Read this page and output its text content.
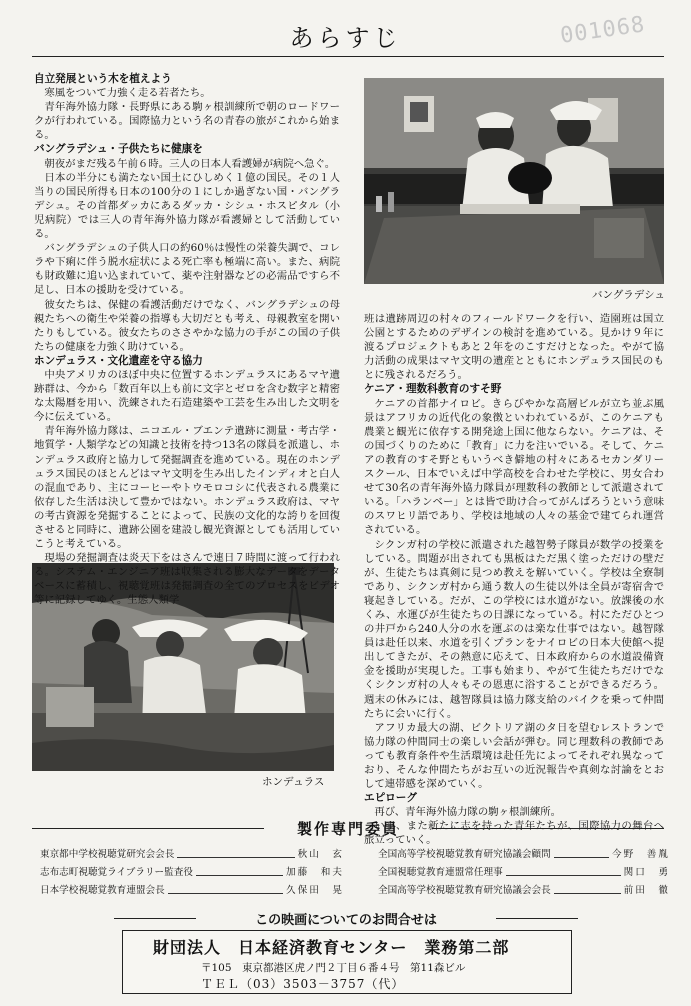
あらすじ	001068
バングラデシュ
ホンデュラス
自立発展という木を植えよう

寒風をついて力強く走る若者たち。

青年海外協力隊・長野県にある駒ヶ根訓練所で朝のロードワークが行われている。国際協力という名の青春の旅がこれから始まる。

バングラデシュ・子供たちに健康を

朝夜がまだ残る午前６時。三人の日本人看護婦が病院へ急ぐ。

日本の半分にも満たない国土にひしめく１億の国民。その１人当りの国民所得も日本の100分の１にしか過ぎない国・バングラデシュ。その首都ダッカにあるダッカ・シシュ・ホスピタル（小児病院）では三人の青年海外協力隊が看護婦として活動している。

バングラデシュの子供人口の約60％は慢性の栄養失調で、コレラや下痢に伴う脱水症状による死亡率も極端に高い。また、病院も財政難に追い込まれていて、薬や注射器などの必需品ですら不足し、日本の援助を受けている。

彼女たちは、保健の看護活動だけでなく、バングラデシュの母親たちへの衛生や栄養の指導も大切だとも考え、母親教室を開いたりもしている。彼女たちのささやかな協力の手がこの国の子供たちの健康を力強く助けている。

ホンデュラス・文化遺産を守る協力

中央アメリカのほぼ中央に位置するホンデュラスにあるマヤ遺跡群は、今から「数百年以上も前に文字とゼロを含む数字と精密な太陽暦を用い、洗練された石造建築や工芸を生み出した文明を今に伝えている。

青年海外協力隊は、ニコエル・ブエンテ遺跡に測量・考古学・地質学・人類学などの知識と技術を持つ13名の隊員を派遣し、ホンデュラス政府と協力して発掘調査を進めている。現在のホンデュラス国民のほとんどはマヤ文明を生み出したインディオと白人の混血であり、主にコーヒーやトウモロコシに代表される農業に依存した生活は決して豊かではない。ホンデュラス政府は、マヤの考古資源を発掘することによって、民族の文化的な誇りを回復させると同時に、遺跡公園を建設し観光資源としても活用していこうと考えている。

現場の発掘調査は炎天下をはさんで連日７時間に渡って行われる。システム・エンジニア班は収集される膨大なデータをデータベースに蓄積し、視聴覚班は発掘調査の全てのプロセスをビデオ等に記録してゆく。生態人類学

班は遺跡周辺の村々のフィールドワークを行い、造園班は国立公園とするためのデザインの検討を進めている。見かけ９年に渡るプロジェクトもあと２年をのこすだけとなった。やがて協力活動の成果はマヤ文明の遺産とともにホンデュラス国民のもとに残されるだろう。

ケニア・理数科教育のすそ野

ケニアの首都ナイロビ。きらびやかな高層ビルが立ち並ぶ風景はアフリカの近代化の象徴といわれているが、このケニアも農業と観光に依存する開発途上国に他ならない。ケニアは、その国づくりのために「教育」に力を注いでいる。そして、ケニアの教育のすそ野ともいうべき僻地の村々にあるセカンダリースクール、日本でいえば中学高校を合わせた学校に、男女合わせて30名の青年海外協力隊員が理数科の教師として派遣されている。「ハランベー」とは皆で助け合ってがんばろうという意味のスワヒリ語であり、学校は地域の人々の基金で建てられ運営されている。

シクンガ村の学校に派遣された越智勢子隊員が数学の授業をしている。問題が出されても黒板はただ黒く塗っただけの壁だが、生徒たちは真剣に見つめ教えを解いていく。学校は全寮制であり、シクンガ村から通う数人の生徒以外は全員が寄宿舎で寝起きしている。だが、この学校には水道がない。放課後の水くみ、水運びが生徒たちの日課になっている。村にただひとつの井戸から240人分の水を運ぶのは楽な仕事ではない。越智隊員は赴任以来、水道を引くプランをナイロビの日本大使館へ提出してきたが、その熱意に応えて、日本政府からの水道設備資金を援助が実現した。工事も始まり、やがて生徒たちだけでなくシクンガ村の人々もその恩恵に浴することができるだろう。週末の休みには、越智隊員は協力隊支給のバイクを乗って仲間たちに会いに行く。

アフリカ最大の湖、ビクトリア湖のタ日を望むレストランで協力隊の仲間同士の楽しい会話が弾む。同じ理数科の教師であっても教育条件や生活環境は赴任先によってそれぞれ異なっており、そんな仲間たちがお互いの近況報告や真剣な討論をとおして連帯感を深めていく。

エピローグ

再び、青年海外協力隊の駒ヶ根訓練所。

いま、また新たに志を持った青年たちが、国際協力の舞台へ旅立っていく。

製作専門委員
東京都中学校視聴覚研究会会長	秋山　玄
志布志町視聴覚ライブラリー監査役	加藤　和夫
日本学校視聴覚教育連盟会長	久保田　晃
全国高等学校視聴覚教育研究協議会顧問	今野　善胤
全国視聴覚教育連盟常任理事	関口　勇
全国高等学校視聴覚教育研究協議会会長	前田　徹
この映画についてのお問合せは
財団法人　日本経済教育センター　業務第二部
〒105　東京都港区虎ノ門２丁目６番４号　第11森ビル
ＴＥＬ（03）3503－3757（代）
